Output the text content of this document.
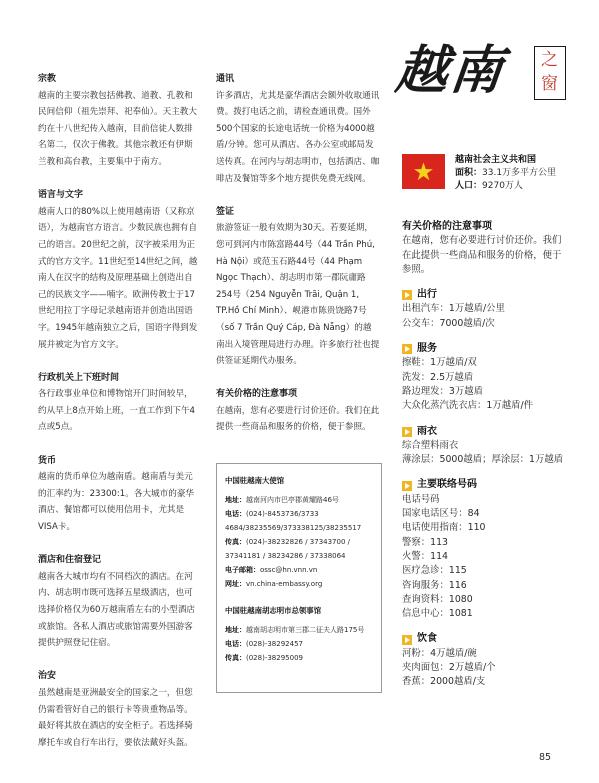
越南 之
窗
越南社会主义共和国
面积：33.1万多平方公里
人口：9270万人
宗教
越南的主要宗教包括佛教、道教、孔教和民间信仰（祖先崇拜、祀奉仙）。天主教大约在十八世纪传入越南，目前信徒人数排名第二，仅次于佛教。其他宗教还有伊斯兰教和高台教，主要集中于南方。
语言与文字
越南人口的80%以上使用越南语（又称京语），为越南官方语言。少数民族也拥有自己的语言。20世纪之前，汉字被采用为正式的官方文字。11世纪至14世纪之间，越南人在汉字的结构及原理基础上创造出自己的民族文字——喃字。欧洲传教士于17世纪用拉丁字母记录越南语并创造出国语字。1945年越南独立之后，国语字得到发展并被定为官方文字。
行政机关上下班时间
各行政事业单位和博物馆开门时间较早，约从早上8点开始上班，一直工作到下午4点或5点。
货币
越南的货币单位为越南盾。越南盾与美元的汇率约为：23300:1。各大城市的豪华酒店、餐馆都可以使用信用卡，尤其是VISA卡。
酒店和住宿登记
越南各大城市均有不同档次的酒店。在河内、胡志明市既可选择五星级酒店，也可选择价格仅为60万越南盾左右的小型酒店或旅馆。各私人酒店或旅馆需要外国游客提供护照登记住宿。
治安
虽然越南是亚洲最安全的国家之一，但您仍需看管好自己的银行卡等贵重物品等。最好将其放在酒店的安全柜子。若选择骑摩托车或自行车出行，要依法戴好头盔。
通讯
许多酒店，尤其是豪华酒店会额外收取通讯费。拨打电话之前，请检查通讯费。国外500个国家的长途电话统一价格为4000越盾/分钟。您可从酒店、各办公室或邮局发送传真。在河内与胡志明市，包括酒店、咖啡店及餐馆等多个地方提供免费无线网。
签证
旅游签证一般有效期为30天。若要延期，您可到河内市陈富路44号（44 Trần Phú, Hà Nội）或范玉石路44号（44 Phạm Ngọc Thạch）、胡志明市第一郡阮庸路254号（254 Nguyễn Trãi, Quận 1, TP.Hồ Chí Minh）、岘港市陈贵饶路7号（số 7 Trần Quý Cáp, Đà Nẵng）的越南出入境管理局进行办理。许多旅行社也提供签证延期代办服务。
有关价格的注意事项
在越南，您有必要进行讨价还价。我们在此提供一些商品和服务的价格，便于参照。
中国驻越南大使馆
地址：越南河内市巴亭郡黄耀路46号
电话：(024)-8453736/3733 4684/38235569/373338125/38235517
传真：(024)-38232826 / 37343700 / 37341181 / 38234286 / 37338064
电子邮箱：ossc@hn.vnn.vn
网址：vn.china-embassy.org
中国驻越南胡志明市总领事馆
地址：越南胡志明市第三郡二征夫人路175号
电话：(028)-38292457
传真：(028)-38295009
有关价格的注意事项
在越南，您有必要进行讨价还价。我们在此提供一些商品和服务的价格，便于参照。
出行
出租汽车：1万越盾/公里
公交车：7000越盾/次
服务
擦鞋：1万越盾/双
洗发：2.5万越盾
路边理发：3万越盾
大众化蒸汽洗衣店：1万越盾/件
雨衣
综合塑料雨衣
薄涂层：5000越盾；厚涂层：1万越盾
主要联络号码
电话号码
国家电话区号：84
电话使用指南：110
警察：113
火警：114
医疗急诊：115
咨询服务：116
查询资料：1080
信息中心：1081
饮食
河粉：4万越盾/碗
夹肉面包：2万越盾/个
香蕉：2000越盾/支
85
